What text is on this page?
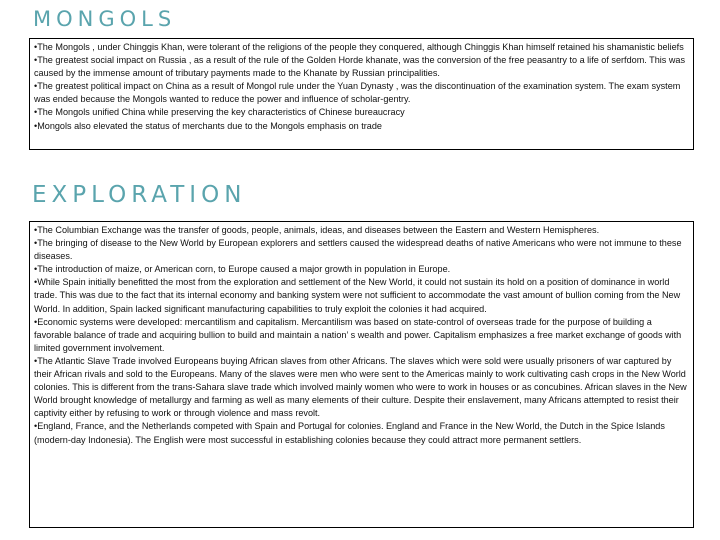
MONGOLS

•The Mongols , under Chinggis Khan, were tolerant of the religions of the people they conquered, although Chinggis Khan himself retained his shamanistic beliefs

•The greatest social impact on Russia , as a result of the rule of the Golden Horde khanate, was the conversion of the free peasantry to a life of serfdom. This was caused by the immense amount of tributary payments made to the Khanate by Russian principalities.

•The greatest political impact on China as a result of Mongol rule under the Yuan Dynasty , was the discontinuation of the examination system. The exam system was ended because the Mongols wanted to reduce the power and influence of scholar-gentry.

•The Mongols unified China while preserving the key characteristics of Chinese bureaucracy

•Mongols also elevated the status of merchants due to the Mongols emphasis on trade

EXPLORATION

•The Columbian Exchange was the transfer of goods, people, animals, ideas, and diseases between the Eastern and Western Hemispheres.

•The bringing of disease to the New World by European explorers and settlers caused the widespread deaths of native Americans who were not immune to these diseases.

•The introduction of maize, or American corn, to Europe caused a major growth in population in Europe.

•While Spain initially benefitted the most from the exploration and settlement of the New World, it could not sustain its hold on a position of dominance in world trade. This was due to the fact that its internal economy and banking system were not sufficient to accommodate the vast amount of bullion coming from the New World. In addition, Spain lacked significant manufacturing capabilities to truly exploit the colonies it had acquired.

•Economic systems were developed: mercantilism and capitalism. Mercantilism was based on state-control of overseas trade for the purpose of building a favorable balance of trade and acquiring bullion to build and maintain a nation’ s wealth and power. Capitalism emphasizes a free market exchange of goods with limited government involvement.

•The Atlantic Slave Trade involved Europeans buying African slaves from other Africans. The slaves which were sold were usually prisoners of war captured by their African rivals and sold to the Europeans. Many of the slaves were men who were sent to the Americas mainly to work cultivating cash crops in the New World colonies. This is different from the trans-Sahara slave trade which involved mainly women who were to work in houses or as concubines. African slaves in the New World brought knowledge of metallurgy and farming as well as many elements of their culture. Despite their enslavement, many Africans attempted to resist their captivity either by refusing to work or through violence and mass revolt.

•England, France, and the Netherlands competed with Spain and Portugal for colonies. England and France in the New World, the Dutch in the Spice Islands (modern-day Indonesia). The English were most successful in establishing colonies because they could attract more permanent settlers.
